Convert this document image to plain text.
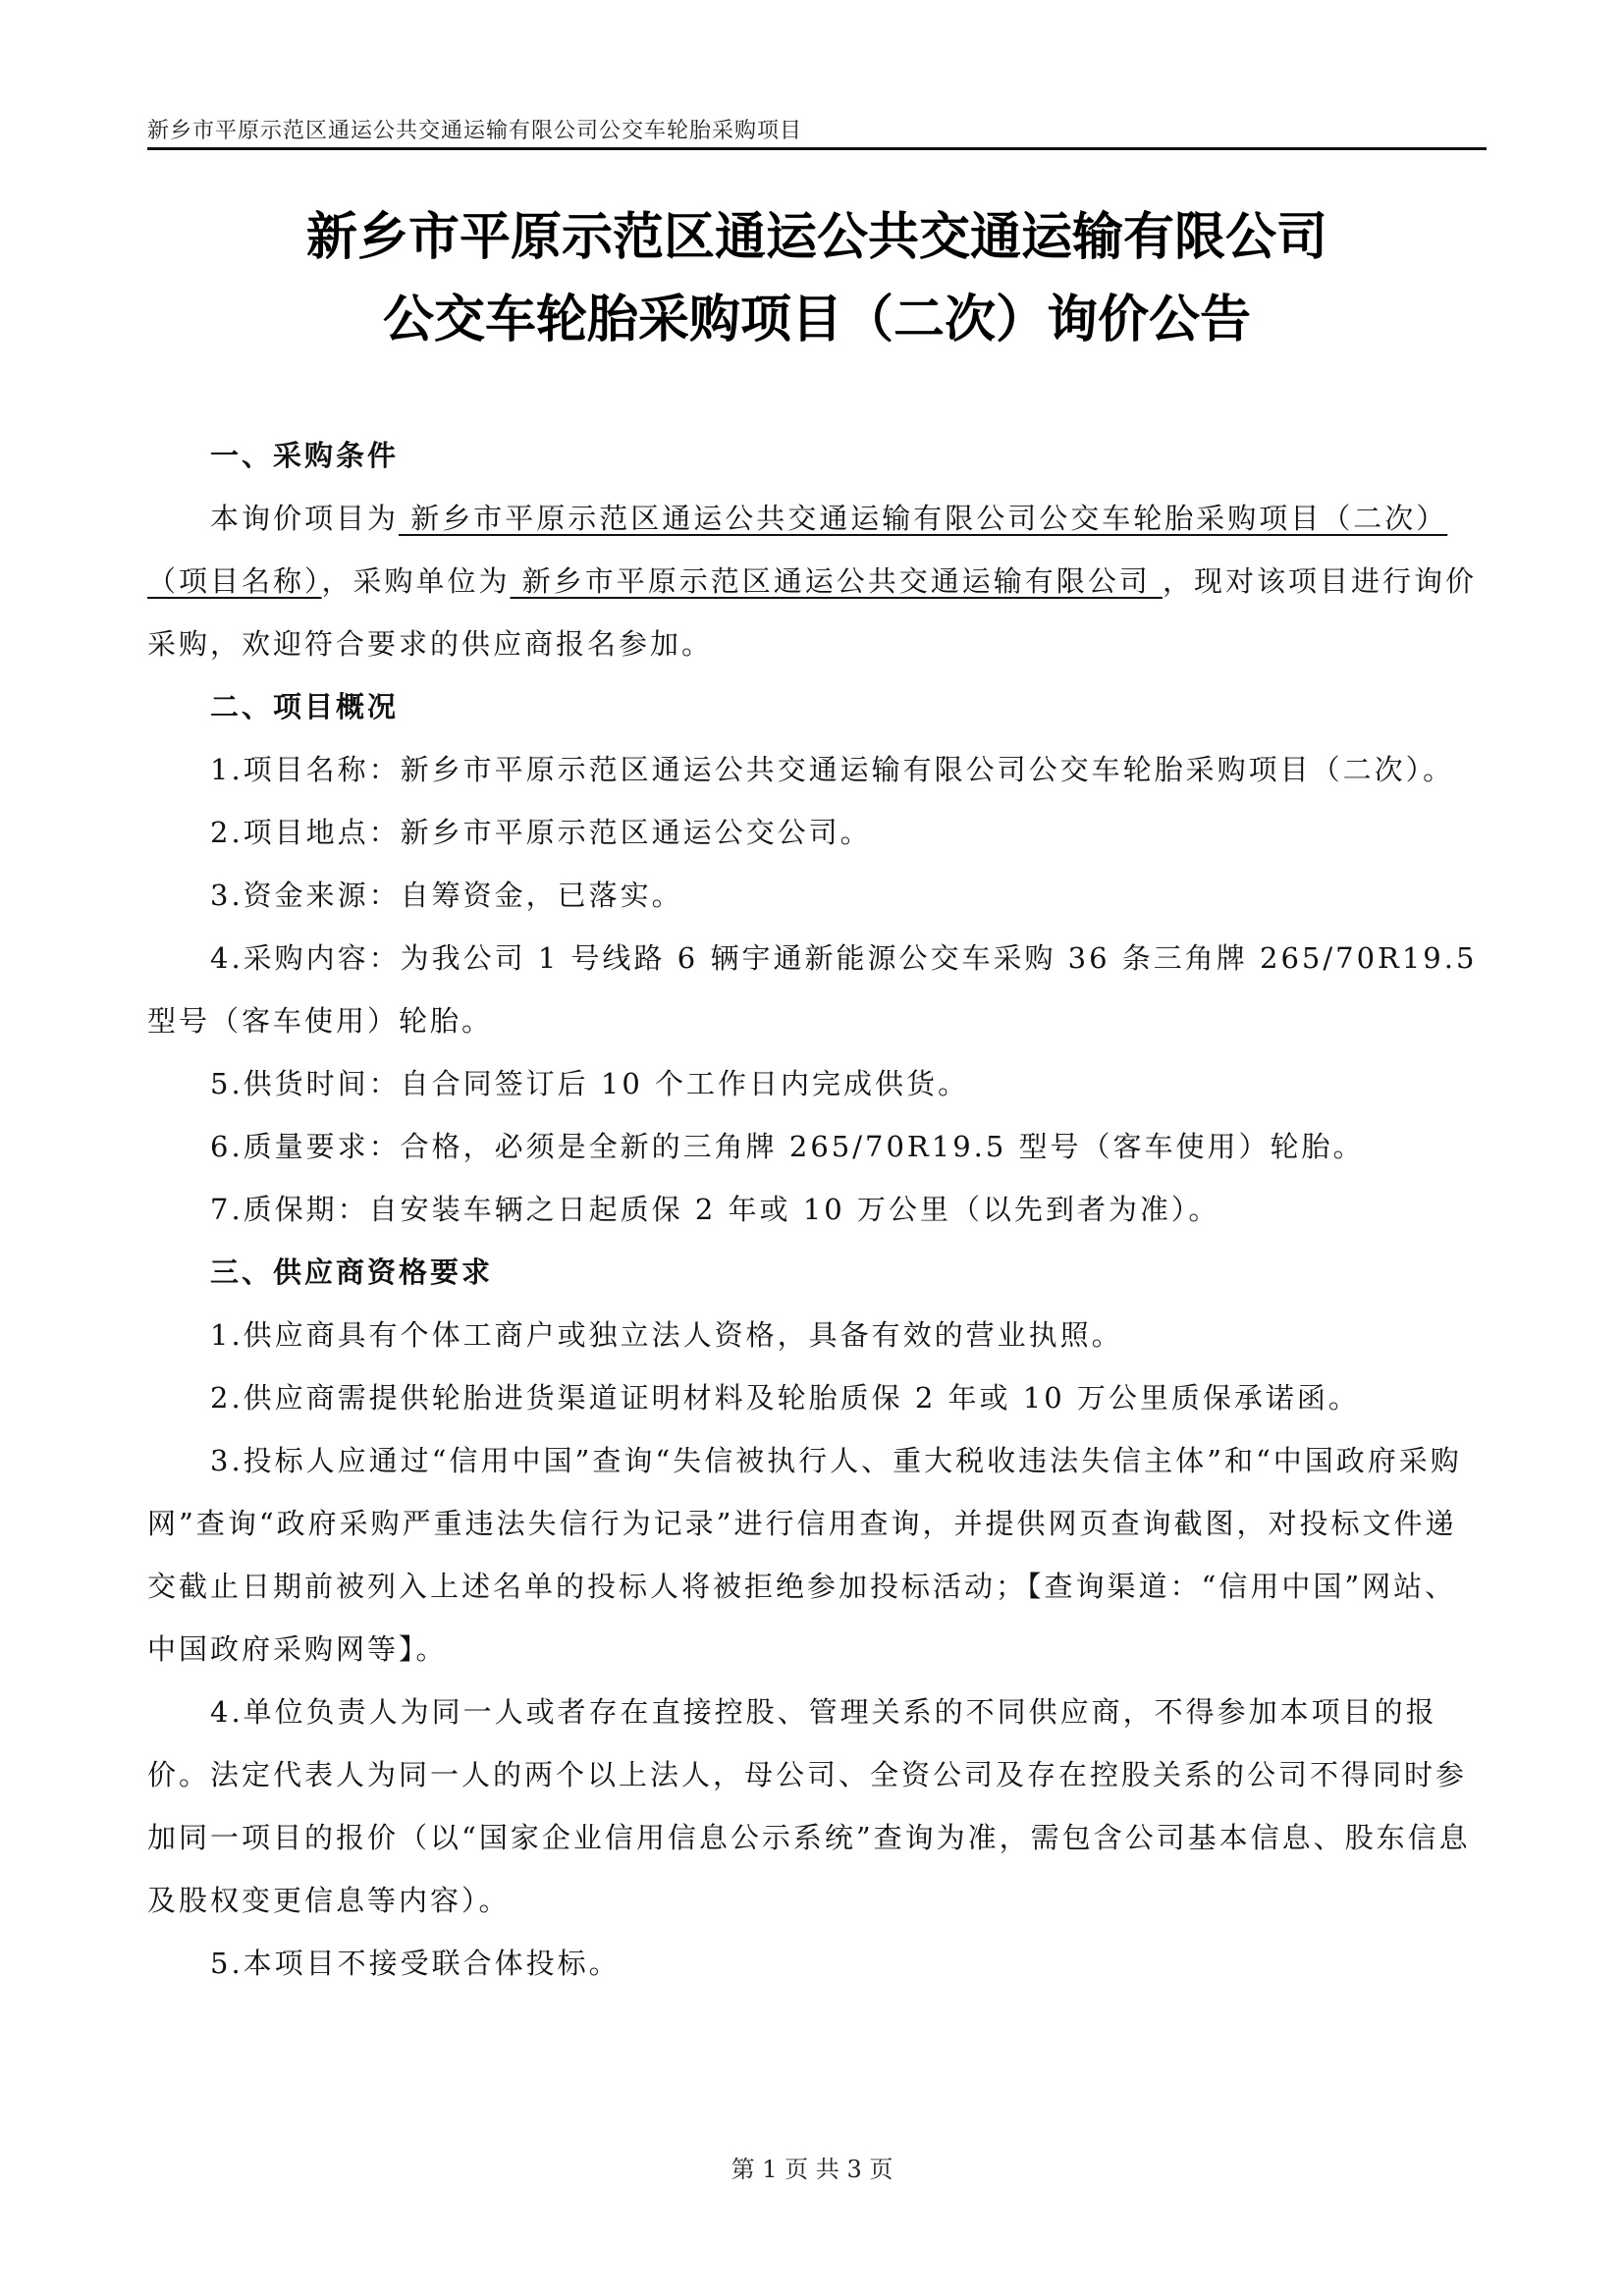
新乡市平原示范区通运公共交通运输有限公司公交车轮胎采购项目
新乡市平原示范区通运公共交通运输有限公司
公交车轮胎采购项目（二次）询价公告

一、采购条件

本询价项目为 新乡市平原示范区通运公共交通运输有限公司公交车轮胎采购项目（二次）（项目名称），采购单位为 新乡市平原示范区通运公共交通运输有限公司 ，现对该项目进行询价采购，欢迎符合要求的供应商报名参加。

二、项目概况

1.项目名称：新乡市平原示范区通运公共交通运输有限公司公交车轮胎采购项目（二次）。

2.项目地点：新乡市平原示范区通运公交公司。

3.资金来源：自筹资金，已落实。

4.采购内容：为我公司 1 号线路 6 辆宇通新能源公交车采购 36 条三角牌 265/70R19.5 型号（客车使用）轮胎。

5.供货时间：自合同签订后 10 个工作日内完成供货。

6.质量要求：合格，必须是全新的三角牌 265/70R19.5 型号（客车使用）轮胎。

7.质保期：自安装车辆之日起质保 2 年或 10 万公里（以先到者为准）。

三、供应商资格要求

1.供应商具有个体工商户或独立法人资格，具备有效的营业执照。

2.供应商需提供轮胎进货渠道证明材料及轮胎质保 2 年或 10 万公里质保承诺函。

3.投标人应通过“信用中国”查询“失信被执行人、重大税收违法失信主体”和“中国政府采购网”查询“政府采购严重违法失信行为记录”进行信用查询，并提供网页查询截图，对投标文件递交截止日期前被列入上述名单的投标人将被拒绝参加投标活动；【查询渠道：“信用中国”网站、中国政府采购网等】。

4.单位负责人为同一人或者存在直接控股、管理关系的不同供应商，不得参加本项目的报价。法定代表人为同一人的两个以上法人，母公司、全资公司及存在控股关系的公司不得同时参加同一项目的报价（以“国家企业信用信息公示系统”查询为准，需包含公司基本信息、股东信息及股权变更信息等内容）。

5.本项目不接受联合体投标。

第 1 页 共 3 页
